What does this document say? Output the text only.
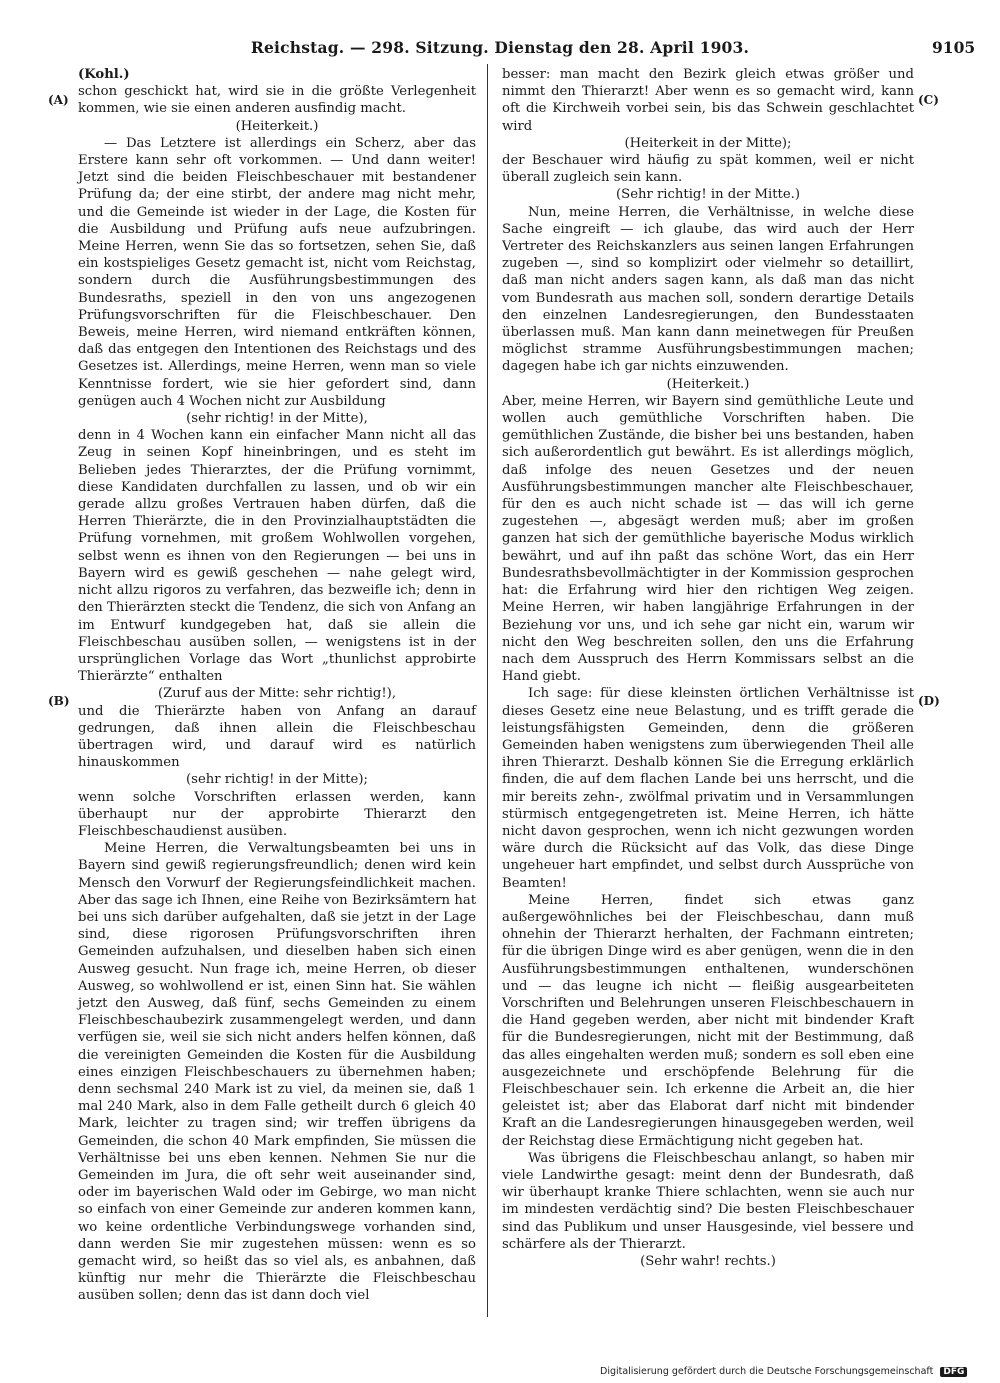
Reichstag. — 298. Sitzung. Dienstag den 28. April 1903.	9105
(A)
(B)
(C)
(D)

(Kohl.)

schon geschickt hat, wird sie in die größte Verlegenheit kommen, wie sie einen anderen ausfindig macht.

(Heiterkeit.)

— Das Letztere ist allerdings ein Scherz, aber das Erstere kann sehr oft vorkommen. — Und dann weiter! Jetzt sind die beiden Fleischbeschauer mit bestandener Prüfung da; der eine stirbt, der andere mag nicht mehr, und die Gemeinde ist wieder in der Lage, die Kosten für die Ausbildung und Prüfung aufs neue aufzubringen. Meine Herren, wenn Sie das so fortsetzen, sehen Sie, daß ein kostspieliges Gesetz gemacht ist, nicht vom Reichstag, sondern durch die Ausführungsbestimmungen des Bundesraths, speziell in den von uns angezogenen Prüfungsvorschriften für die Fleischbeschauer. Den Beweis, meine Herren, wird niemand entkräften können, daß das entgegen den Intentionen des Reichstags und des Gesetzes ist. Allerdings, meine Herren, wenn man so viele Kenntnisse fordert, wie sie hier gefordert sind, dann genügen auch 4 Wochen nicht zur Ausbildung

(sehr richtig! in der Mitte),

denn in 4 Wochen kann ein einfacher Mann nicht all das Zeug in seinen Kopf hineinbringen, und es steht im Belieben jedes Thierarztes, der die Prüfung vornimmt, diese Kandidaten durchfallen zu lassen, und ob wir ein gerade allzu großes Vertrauen haben dürfen, daß die Herren Thierärzte, die in den Provinzialhauptstädten die Prüfung vornehmen, mit großem Wohlwollen vorgehen, selbst wenn es ihnen von den Regierungen — bei uns in Bayern wird es gewiß geschehen — nahe gelegt wird, nicht allzu rigoros zu verfahren, das bezweifle ich; denn in den Thierärzten steckt die Tendenz, die sich von Anfang an im Entwurf kundgegeben hat, daß sie allein die Fleischbeschau ausüben sollen, — wenigstens ist in der ursprünglichen Vorlage das Wort „thunlichst approbirte Thierärzte“ enthalten

(Zuruf aus der Mitte: sehr richtig!),

und die Thierärzte haben von Anfang an darauf gedrungen, daß ihnen allein die Fleischbeschau übertragen wird, und darauf wird es natürlich hinauskommen

(sehr richtig! in der Mitte);

wenn solche Vorschriften erlassen werden, kann überhaupt nur der approbirte Thierarzt den Fleischbeschaudienst ausüben.

Meine Herren, die Verwaltungsbeamten bei uns in Bayern sind gewiß regierungsfreundlich; denen wird kein Mensch den Vorwurf der Regierungsfeindlichkeit machen. Aber das sage ich Ihnen, eine Reihe von Bezirksämtern hat bei uns sich darüber aufgehalten, daß sie jetzt in der Lage sind, diese rigorosen Prüfungsvorschriften ihren Gemeinden aufzuhalsen, und dieselben haben sich einen Ausweg gesucht. Nun frage ich, meine Herren, ob dieser Ausweg, so wohlwollend er ist, einen Sinn hat. Sie wählen jetzt den Ausweg, daß fünf, sechs Gemeinden zu einem Fleischbeschaubezirk zusammengelegt werden, und dann verfügen sie, weil sie sich nicht anders helfen können, daß die vereinigten Gemeinden die Kosten für die Ausbildung eines einzigen Fleischbeschauers zu übernehmen haben; denn sechsmal 240 Mark ist zu viel, da meinen sie, daß 1 mal 240 Mark, also in dem Falle getheilt durch 6 gleich 40 Mark, leichter zu tragen sind; wir treffen übrigens da Gemeinden, die schon 40 Mark empfinden, Sie müssen die Verhältnisse bei uns eben kennen. Nehmen Sie nur die Gemeinden im Jura, die oft sehr weit auseinander sind, oder im bayerischen Wald oder im Gebirge, wo man nicht so einfach von einer Gemeinde zur anderen kommen kann, wo keine ordentliche Verbindungswege vorhanden sind, dann werden Sie mir zugestehen müssen: wenn es so gemacht wird, so heißt das so viel als, es anbahnen, daß künftig nur mehr die Thierärzte die Fleischbeschau ausüben sollen; denn das ist dann doch viel

besser: man macht den Bezirk gleich etwas größer und nimmt den Thierarzt! Aber wenn es so gemacht wird, kann oft die Kirchweih vorbei sein, bis das Schwein geschlachtet wird

(Heiterkeit in der Mitte);

der Beschauer wird häufig zu spät kommen, weil er nicht überall zugleich sein kann.

(Sehr richtig! in der Mitte.)

Nun, meine Herren, die Verhältnisse, in welche diese Sache eingreift — ich glaube, das wird auch der Herr Vertreter des Reichskanzlers aus seinen langen Erfahrungen zugeben —, sind so komplizirt oder vielmehr so detaillirt, daß man nicht anders sagen kann, als daß man das nicht vom Bundesrath aus machen soll, sondern derartige Details den einzelnen Landesregierungen, den Bundesstaaten überlassen muß. Man kann dann meinetwegen für Preußen möglichst stramme Ausführungsbestimmungen machen; dagegen habe ich gar nichts einzuwenden.

(Heiterkeit.)

Aber, meine Herren, wir Bayern sind gemüthliche Leute und wollen auch gemüthliche Vorschriften haben. Die gemüthlichen Zustände, die bisher bei uns bestanden, haben sich außerordentlich gut bewährt. Es ist allerdings möglich, daß infolge des neuen Gesetzes und der neuen Ausführungsbestimmungen mancher alte Fleischbeschauer, für den es auch nicht schade ist — das will ich gerne zugestehen —, abgesägt werden muß; aber im großen ganzen hat sich der gemüthliche bayerische Modus wirklich bewährt, und auf ihn paßt das schöne Wort, das ein Herr Bundesrathsbevollmächtigter in der Kommission gesprochen hat: die Erfahrung wird hier den richtigen Weg zeigen. Meine Herren, wir haben langjährige Erfahrungen in der Beziehung vor uns, und ich sehe gar nicht ein, warum wir nicht den Weg beschreiten sollen, den uns die Erfahrung nach dem Ausspruch des Herrn Kommissars selbst an die Hand giebt.

Ich sage: für diese kleinsten örtlichen Verhältnisse ist dieses Gesetz eine neue Belastung, und es trifft gerade die leistungsfähigsten Gemeinden, denn die größeren Gemeinden haben wenigstens zum überwiegenden Theil alle ihren Thierarzt. Deshalb können Sie die Erregung erklärlich finden, die auf dem flachen Lande bei uns herrscht, und die mir bereits zehn-, zwölfmal privatim und in Versammlungen stürmisch entgegengetreten ist. Meine Herren, ich hätte nicht davon gesprochen, wenn ich nicht gezwungen worden wäre durch die Rücksicht auf das Volk, das diese Dinge ungeheuer hart empfindet, und selbst durch Aussprüche von Beamten!

Meine Herren, findet sich etwas ganz außergewöhnliches bei der Fleischbeschau, dann muß ohnehin der Thierarzt herhalten, der Fachmann eintreten; für die übrigen Dinge wird es aber genügen, wenn die in den Ausführungsbestimmungen enthaltenen, wunderschönen und — das leugne ich nicht — fleißig ausgearbeiteten Vorschriften und Belehrungen unseren Fleischbeschauern in die Hand gegeben werden, aber nicht mit bindender Kraft für die Bundesregierungen, nicht mit der Bestimmung, daß das alles eingehalten werden muß; sondern es soll eben eine ausgezeichnete und erschöpfende Belehrung für die Fleischbeschauer sein. Ich erkenne die Arbeit an, die hier geleistet ist; aber das Elaborat darf nicht mit bindender Kraft an die Landesregierungen hinausgegeben werden, weil der Reichstag diese Ermächtigung nicht gegeben hat.

Was übrigens die Fleischbeschau anlangt, so haben mir viele Landwirthe gesagt: meint denn der Bundesrath, daß wir überhaupt kranke Thiere schlachten, wenn sie auch nur im mindesten verdächtig sind? Die besten Fleischbeschauer sind das Publikum und unser Hausgesinde, viel bessere und schärfere als der Thierarzt.

(Sehr wahr! rechts.)

Digitalisierung gefördert durch die Deutsche Forschungsgemeinschaft DFG
